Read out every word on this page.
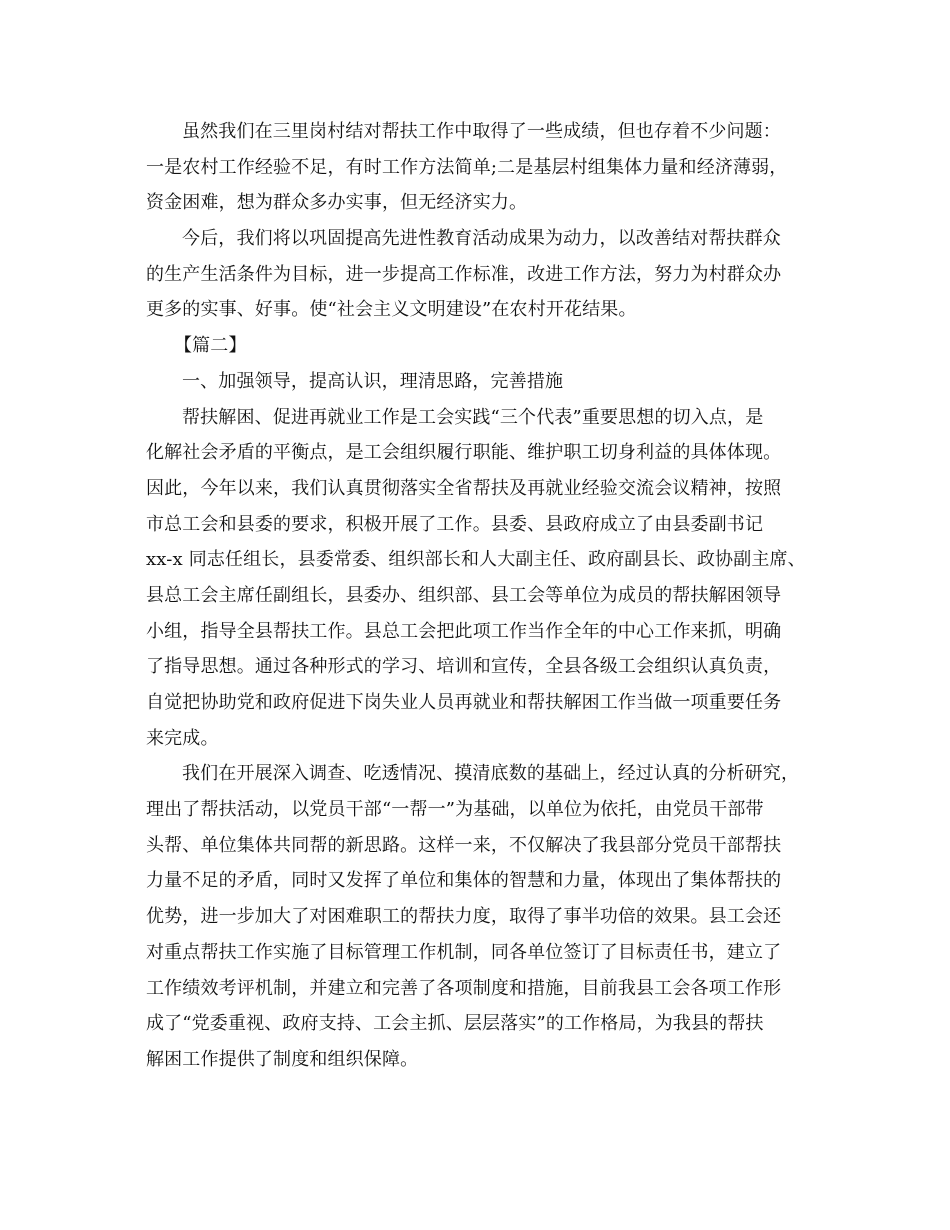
虽然我们在三里岗村结对帮扶工作中取得了一些成绩，但也存着不少问题：
一是农村工作经验不足，有时工作方法简单;二是基层村组集体力量和经济薄弱，
资金困难，想为群众多办实事，但无经济实力。
今后，我们将以巩固提高先进性教育活动成果为动力，以改善结对帮扶群众
的生产生活条件为目标，进一步提高工作标准，改进工作方法，努力为村群众办
更多的实事、好事。使“社会主义文明建设”在农村开花结果。
【篇二】
一、加强领导，提高认识，理清思路，完善措施
帮扶解困、促进再就业工作是工会实践“三个代表”重要思想的切入点，是
化解社会矛盾的平衡点，是工会组织履行职能、维护职工切身利益的具体体现。
因此，今年以来，我们认真贯彻落实全省帮扶及再就业经验交流会议精神，按照
市总工会和县委的要求，积极开展了工作。县委、县政府成立了由县委副书记
xx-x 同志任组长，县委常委、组织部长和人大副主任、政府副县长、政协副主席、
县总工会主席任副组长，县委办、组织部、县工会等单位为成员的帮扶解困领导
小组，指导全县帮扶工作。县总工会把此项工作当作全年的中心工作来抓，明确
了指导思想。通过各种形式的学习、培训和宣传，全县各级工会组织认真负责，
自觉把协助党和政府促进下岗失业人员再就业和帮扶解困工作当做一项重要任务
来完成。
我们在开展深入调查、吃透情况、摸清底数的基础上，经过认真的分析研究，
理出了帮扶活动，以党员干部“一帮一”为基础，以单位为依托，由党员干部带
头帮、单位集体共同帮的新思路。这样一来，不仅解决了我县部分党员干部帮扶
力量不足的矛盾，同时又发挥了单位和集体的智慧和力量，体现出了集体帮扶的
优势，进一步加大了对困难职工的帮扶力度，取得了事半功倍的效果。县工会还
对重点帮扶工作实施了目标管理工作机制，同各单位签订了目标责任书，建立了
工作绩效考评机制，并建立和完善了各项制度和措施，目前我县工会各项工作形
成了“党委重视、政府支持、工会主抓、层层落实”的工作格局，为我县的帮扶
解困工作提供了制度和组织保障。
